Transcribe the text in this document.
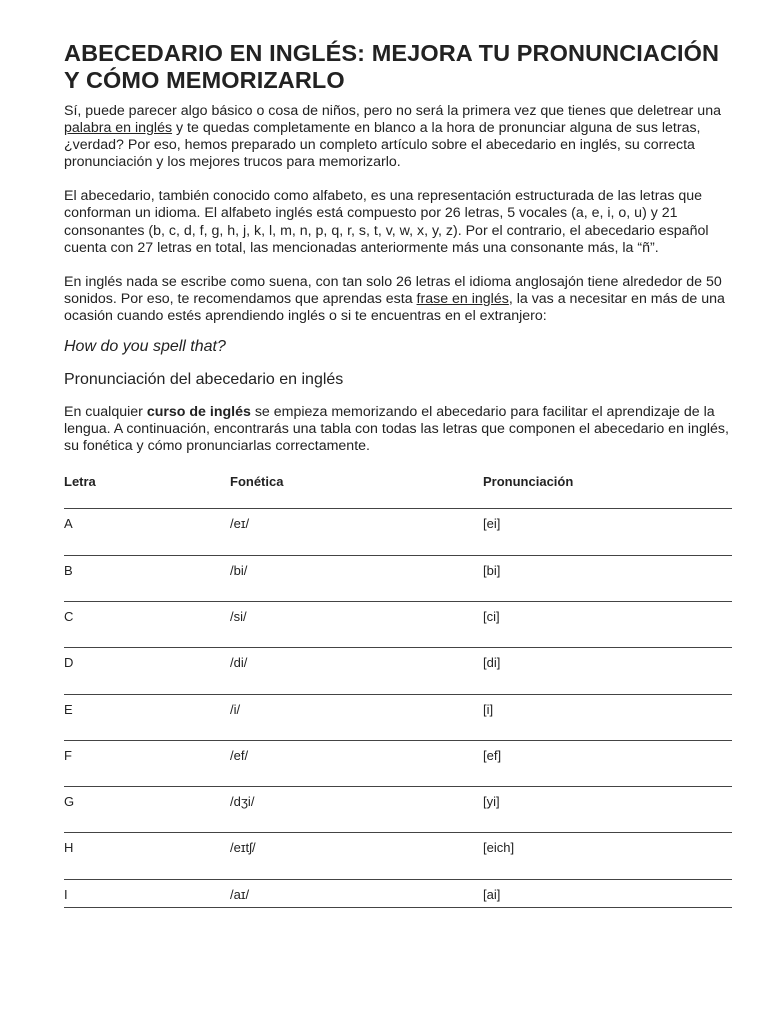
ABECEDARIO EN INGLÉS: MEJORA TU PRONUNCIACIÓN Y CÓMO MEMORIZARLO

Sí, puede parecer algo básico o cosa de niños, pero no será la primera vez que tienes que deletrear una palabra en inglés y te quedas completamente en blanco a la hora de pronunciar alguna de sus letras, ¿verdad? Por eso, hemos preparado un completo artículo sobre el abecedario en inglés, su correcta pronunciación y los mejores trucos para memorizarlo.

El abecedario, también conocido como alfabeto, es una representación estructurada de las letras que conforman un idioma. El alfabeto inglés está compuesto por 26 letras, 5 vocales (a, e, i, o, u) y 21 consonantes (b, c, d, f, g, h, j, k, l, m, n, p, q, r, s, t, v, w, x, y, z). Por el contrario, el abecedario español cuenta con 27 letras en total, las mencionadas anteriormente más una consonante más, la “ñ”.

En inglés nada se escribe como suena, con tan solo 26 letras el idioma anglosajón tiene alrededor de 50 sonidos. Por eso, te recomendamos que aprendas esta frase en inglés, la vas a necesitar en más de una ocasión cuando estés aprendiendo inglés o si te encuentras en el extranjero:

How do you spell that?
Pronunciación del abecedario en inglés

En cualquier curso de inglés se empieza memorizando el abecedario para facilitar el aprendizaje de la lengua. A continuación, encontrarás una tabla con todas las letras que componen el abecedario en inglés, su fonética y cómo pronunciarlas correctamente.

Letra	Fonética	Pronunciación
A	/eɪ/	[ei]
B	/bi/	[bi]
C	/si/	[ci]
D	/di/	[di]
E	/i/	[i]
F	/ef/	[ef]
G	/dʒi/	[yi]
H	/eɪtʃ/	[eich]
I	/aɪ/	[ai]
